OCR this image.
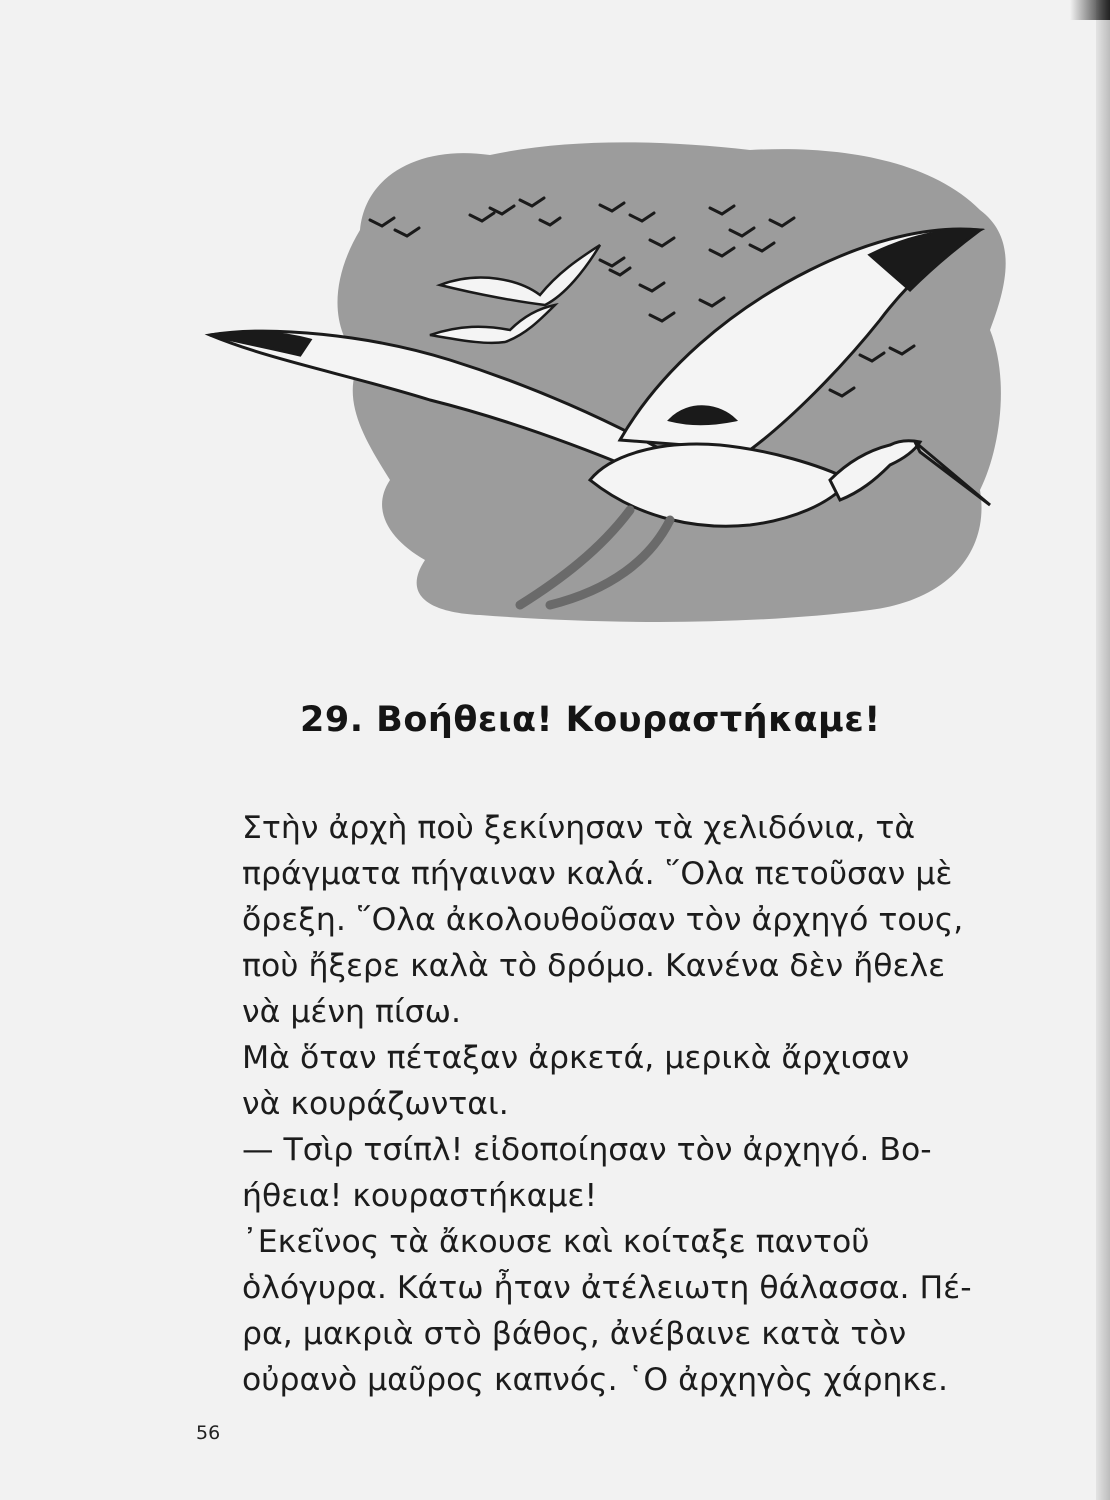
29. Βοήθεια! Κουραστήκαμε!
Στὴν ἀρχὴ ποὺ ξεκίνησαν τὰ χελιδόνια, τὰ
πράγματα πήγαιναν καλά. ῞Ολα πετοῦσαν μὲ
ὄρεξη. ῞Ολα ἀκολουθοῦσαν τὸν ἀρχηγό τους,
ποὺ ἤξερε καλὰ τὸ δρόμο. Κανένα δὲν ἤθελε
νὰ μένη πίσω.
Μὰ ὅταν πέταξαν ἀρκετά, μερικὰ ἄρχισαν
νὰ κουράζωνται.
— Τσὶρ τσίπλ! εἰδοποίησαν τὸν ἀρχηγό. Βο-
ήθεια! κουραστήκαμε!
᾿Εκεῖνος τὰ ἄκουσε καὶ κοίταξε παντοῦ
ὁλόγυρα. Κάτω ἦταν ἀτέλειωτη θάλασσα. Πέ-
ρα, μακριὰ στὸ βάθος, ἀνέβαινε κατὰ τὸν
οὐρανὸ μαῦρος καπνός. ῾Ο ἀρχηγὸς χάρηκε.
56
